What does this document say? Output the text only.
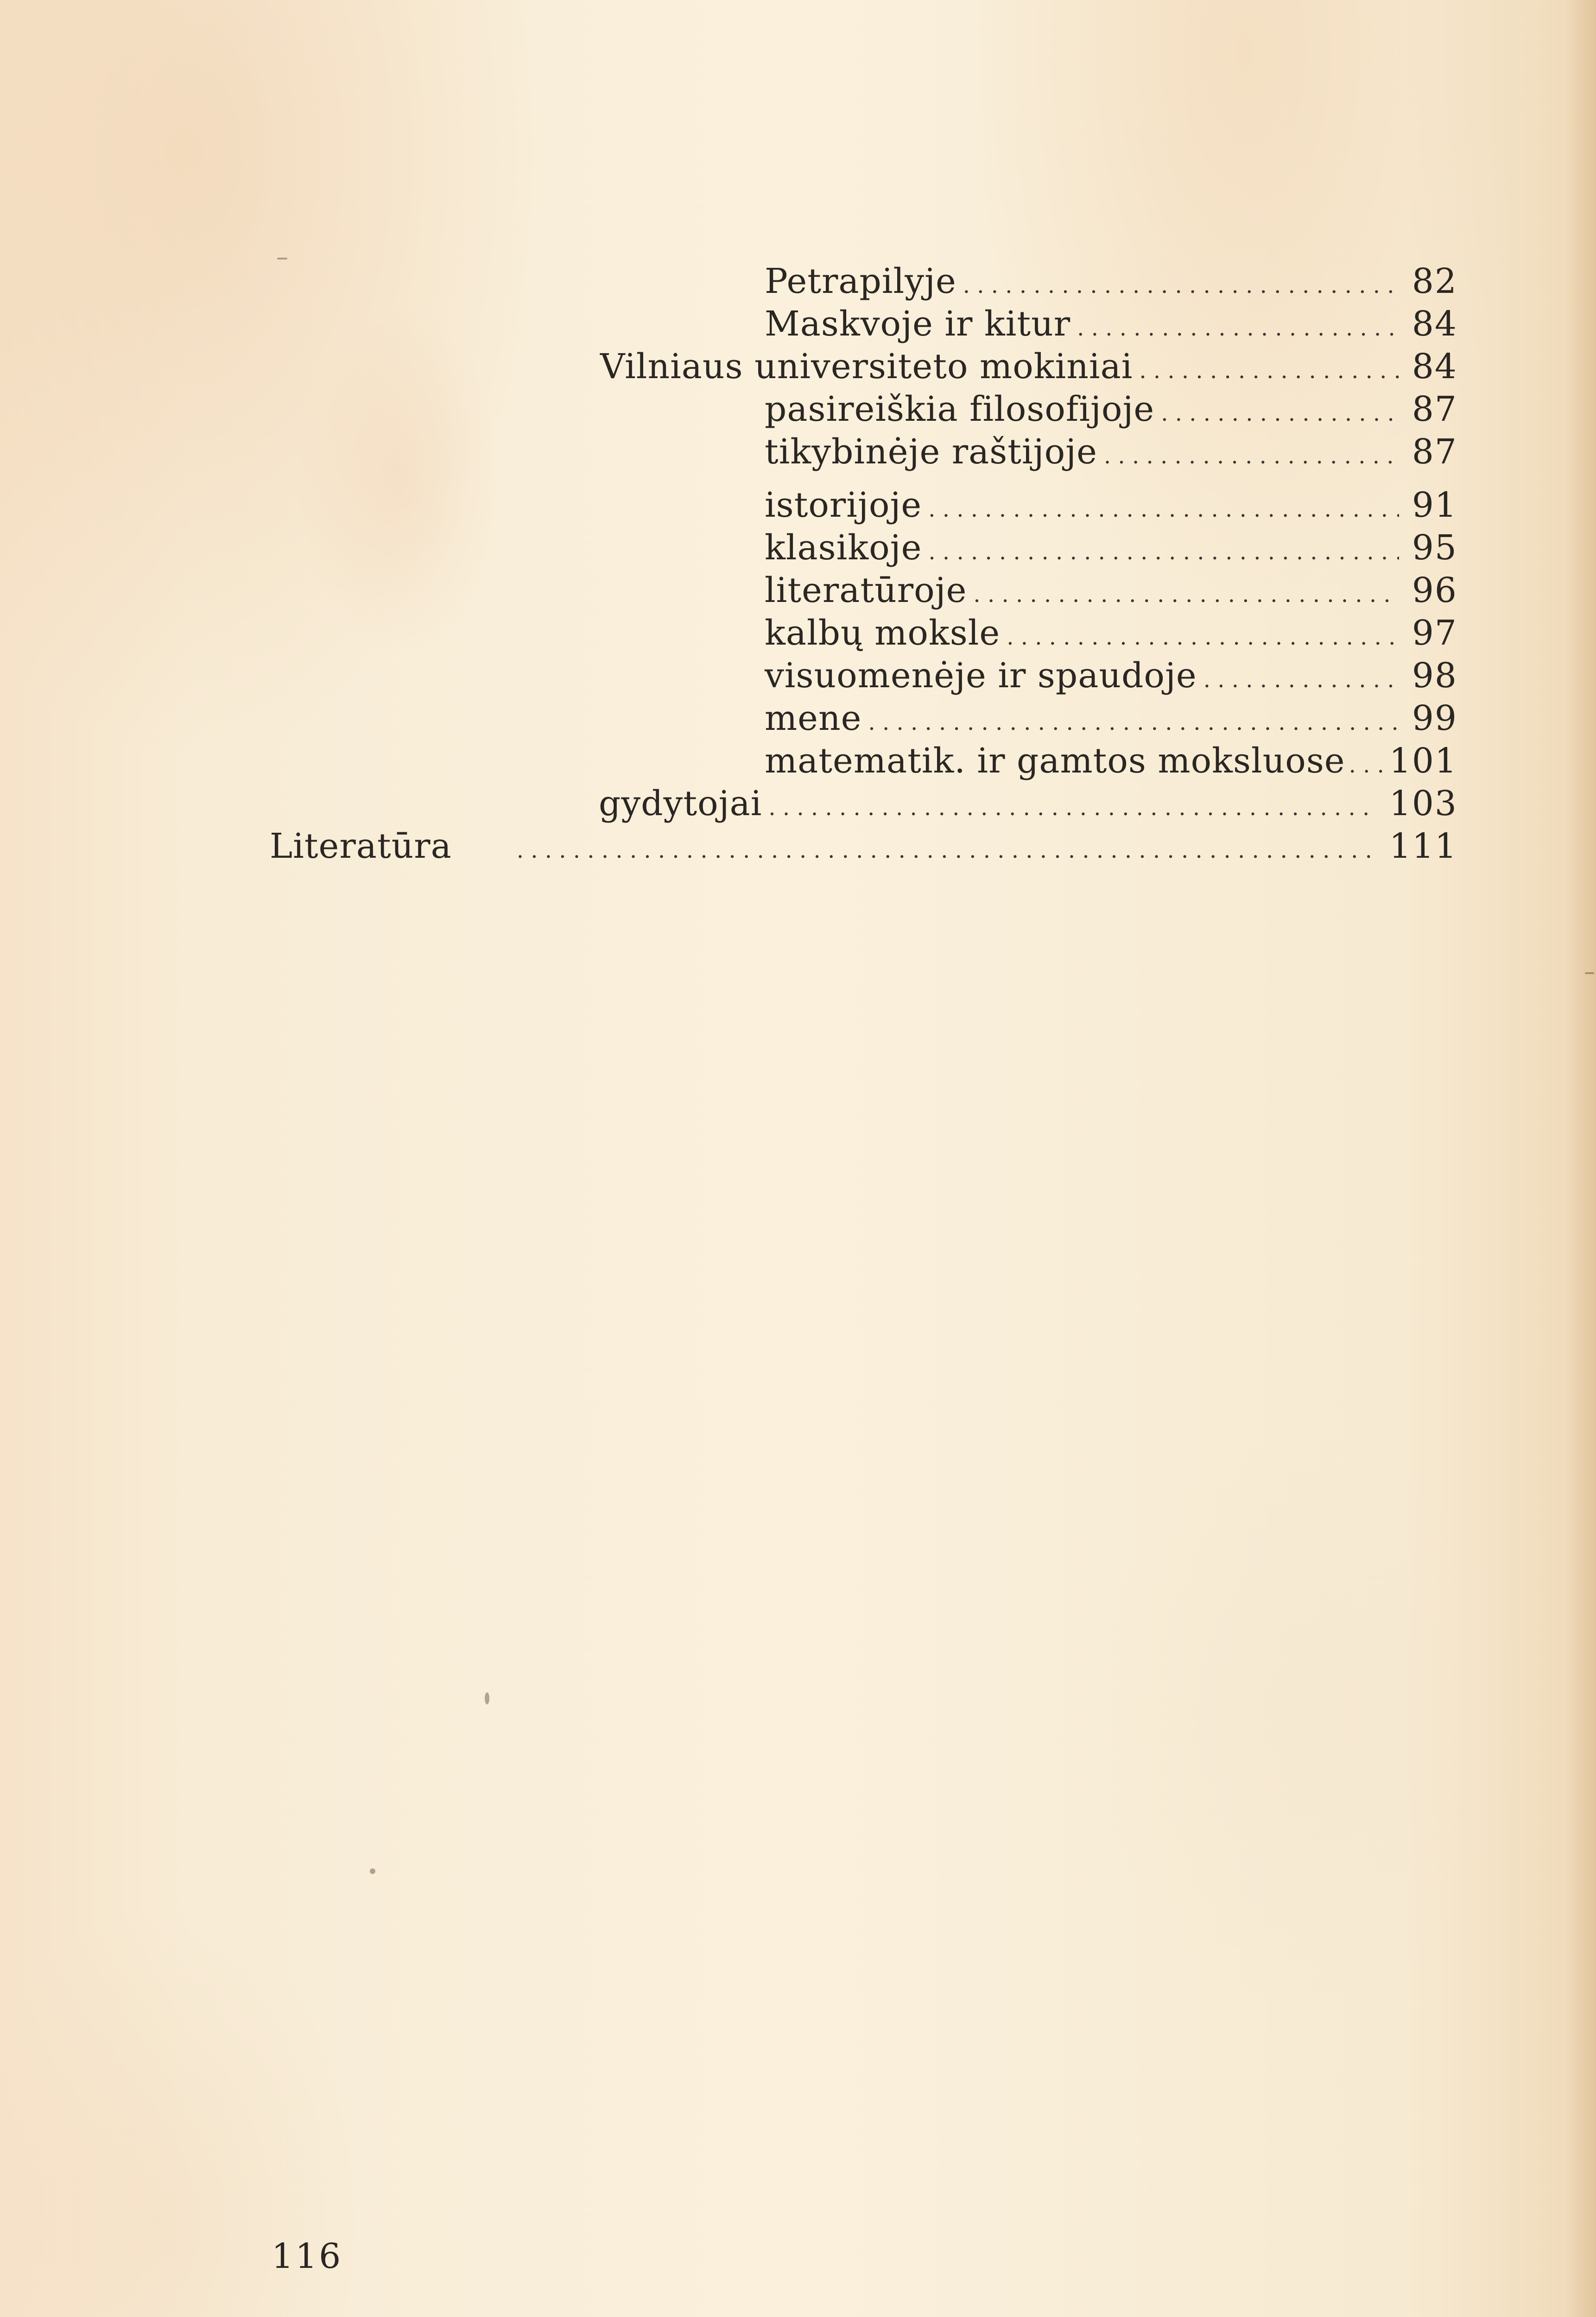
Petrapilyje . . .	82
Maskvoje ir kitur . . .	84
Vilniaus universiteto mokiniai . . .	84
pasireiškia filosofijoje . . .	87
tikybinėje raštijoje . . .	87
istorijoje . . .	91
klasikoje . . .	95
literatūroje . . .	96
kalbų moksle . . .	97
visuomenėje ir spaudoje . . .	98
mene . . .	99
matematik. ir gamtos moksluose . . . 101
gydytojai . . .	103
Literatūra . . .	111
116
